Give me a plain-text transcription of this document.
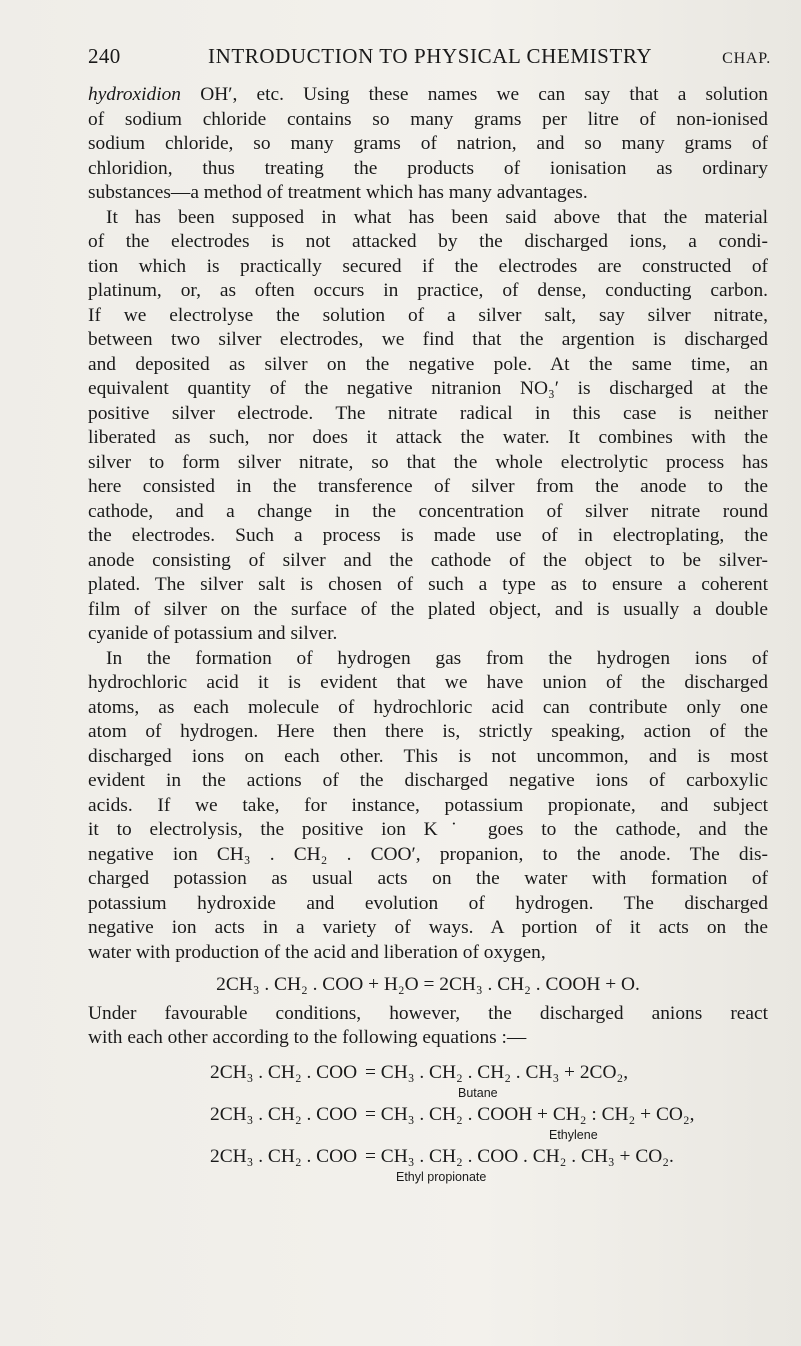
240	INTRODUCTION TO PHYSICAL CHEMISTRY	CHAP.

hydroxidion OH′, etc. Using these names we can say that a solution
of sodium chloride contains so many grams per litre of non-ionised
sodium chloride, so many grams of natrion, and so many grams of
chloridion, thus treating the products of ionisation as ordinary
substances—a method of treatment which has many advantages.

It has been supposed in what has been said above that the material
of the electrodes is not attacked by the discharged ions, a condi-
tion which is practically secured if the electrodes are constructed of
platinum, or, as often occurs in practice, of dense, conducting carbon.
If we electrolyse the solution of a silver salt, say silver nitrate,
between two silver electrodes, we find that the argention is discharged
and deposited as silver on the negative pole. At the same time, an
equivalent quantity of the negative nitranion NO₃′ is discharged at the
positive silver electrode. The nitrate radical in this case is neither
liberated as such, nor does it attack the water. It combines with the
silver to form silver nitrate, so that the whole electrolytic process has
here consisted in the transference of silver from the anode to the
cathode, and a change in the concentration of silver nitrate round
the electrodes. Such a process is made use of in electroplating, the
anode consisting of silver and the cathode of the object to be silver-
plated. The silver salt is chosen of such a type as to ensure a coherent
film of silver on the surface of the plated object, and is usually a double
cyanide of potassium and silver.

In the formation of hydrogen gas from the hydrogen ions of
hydrochloric acid it is evident that we have union of the discharged
atoms, as each molecule of hydrochloric acid can contribute only one
atom of hydrogen. Here then there is, strictly speaking, action of the
discharged ions on each other. This is not uncommon, and is most
evident in the actions of the discharged negative ions of carboxylic
acids. If we take, for instance, potassium propionate, and subject
it to electrolysis, the positive ion K˙ goes to the cathode, and the
negative ion CH₃ . CH₂ . COO′, propanion, to the anode. The dis-
charged potassion as usual acts on the water with formation of
potassium hydroxide and evolution of hydrogen. The discharged
negative ion acts in a variety of ways. A portion of it acts on the
water with production of the acid and liberation of oxygen,

2CH₃ . CH₂ . COO + H₂O = 2CH₃ . CH₂ . COOH + O.

Under favourable conditions, however, the discharged anions react
with each other according to the following equations :—

2CH₃ . CH₂ . COO = CH₃ . CH₂ . CH₂ . CH₃ + 2CO₂,
Butane
2CH₃ . CH₂ . COO = CH₃ . CH₂ . COOH + CH₂ : CH₂ + CO₂,
Ethylene
2CH₃ . CH₂ . COO = CH₃ . CH₂ . COO . CH₂ . CH₃ + CO₂.
Ethyl propionate
